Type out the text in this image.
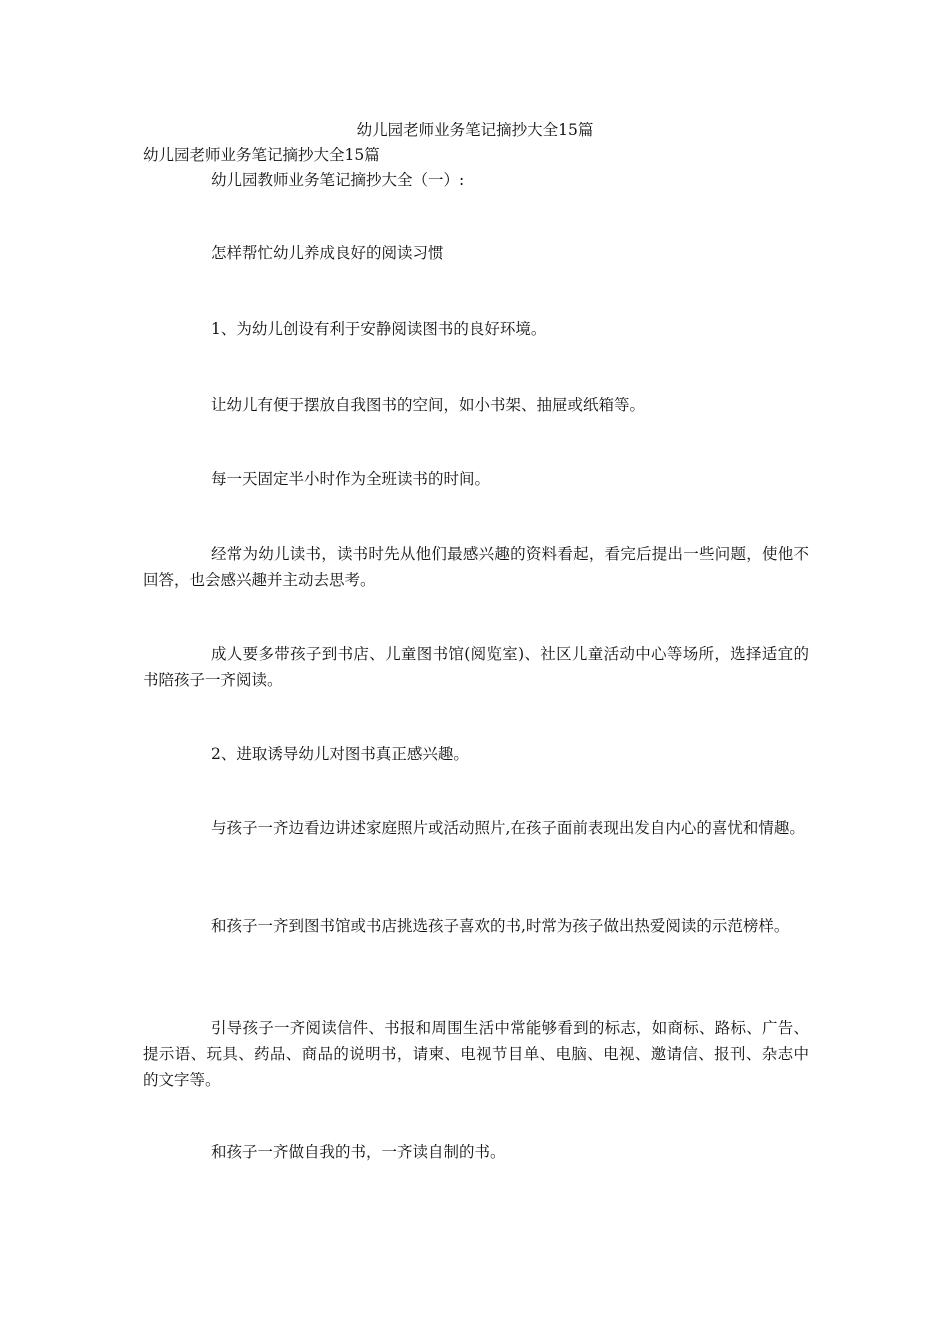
幼儿园老师业务笔记摘抄大全15篇
幼儿园老师业务笔记摘抄大全15篇
幼儿园教师业务笔记摘抄大全（一）:
怎样帮忙幼儿养成良好的阅读习惯
1、为幼儿创设有利于安静阅读图书的良好环境。
让幼儿有便于摆放自我图书的空间，如小书架、抽屉或纸箱等。
每一天固定半小时作为全班读书的时间。
经常为幼儿读书，读书时先从他们最感兴趣的资料看起，看完后提出一些问题，使他不回答，也会感兴趣并主动去思考。
成人要多带孩子到书店、儿童图书馆(阅览室)、社区儿童活动中心等场所，选择适宜的书陪孩子一齐阅读。
2、进取诱导幼儿对图书真正感兴趣。
与孩子一齐边看边讲述家庭照片或活动照片,在孩子面前表现出发自内心的喜忧和情趣。
和孩子一齐到图书馆或书店挑选孩子喜欢的书,时常为孩子做出热爱阅读的示范榜样。
引导孩子一齐阅读信件、书报和周围生活中常能够看到的标志，如商标、路标、广告、提示语、玩具、药品、商品的说明书，请柬、电视节目单、电脑、电视、邀请信、报刊、杂志中的文字等。
和孩子一齐做自我的书，一齐读自制的书。
